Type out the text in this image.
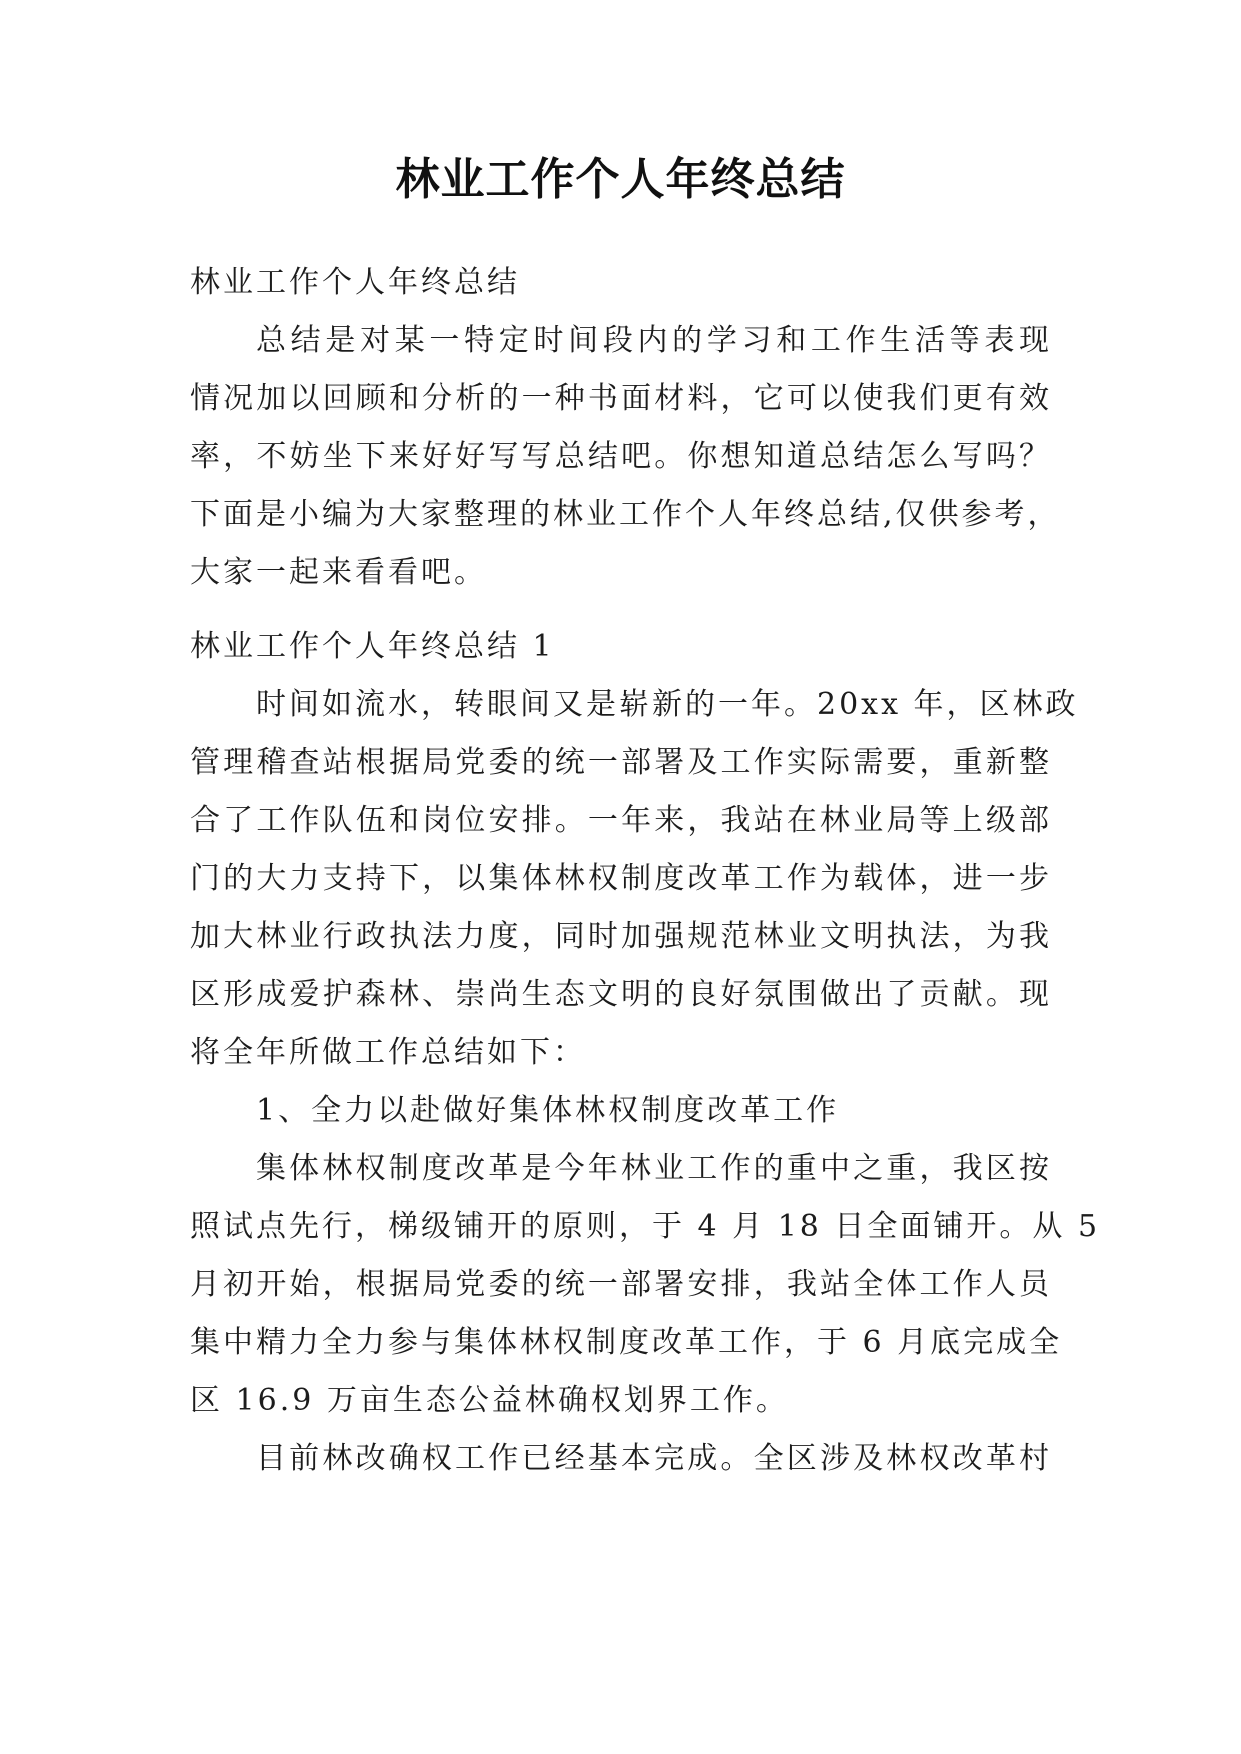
林业工作个人年终总结
林业工作个人年终总结
总结是对某一特定时间段内的学习和工作生活等表现
情况加以回顾和分析的一种书面材料，它可以使我们更有效
率，不妨坐下来好好写写总结吧。你想知道总结怎么写吗？
下面是小编为大家整理的林业工作个人年终总结,仅供参考，
大家一起来看看吧。
林业工作个人年终总结 1
时间如流水，转眼间又是崭新的一年。20xx 年，区林政
管理稽查站根据局党委的统一部署及工作实际需要，重新整
合了工作队伍和岗位安排。一年来，我站在林业局等上级部
门的大力支持下，以集体林权制度改革工作为载体，进一步
加大林业行政执法力度，同时加强规范林业文明执法，为我
区形成爱护森林、崇尚生态文明的良好氛围做出了贡献。现
将全年所做工作总结如下：
1、全力以赴做好集体林权制度改革工作
集体林权制度改革是今年林业工作的重中之重，我区按
照试点先行，梯级铺开的原则，于 4 月 18 日全面铺开。从 5
月初开始，根据局党委的统一部署安排，我站全体工作人员
集中精力全力参与集体林权制度改革工作，于 6 月底完成全
区 16.9 万亩生态公益林确权划界工作。
目前林改确权工作已经基本完成。全区涉及林权改革村
